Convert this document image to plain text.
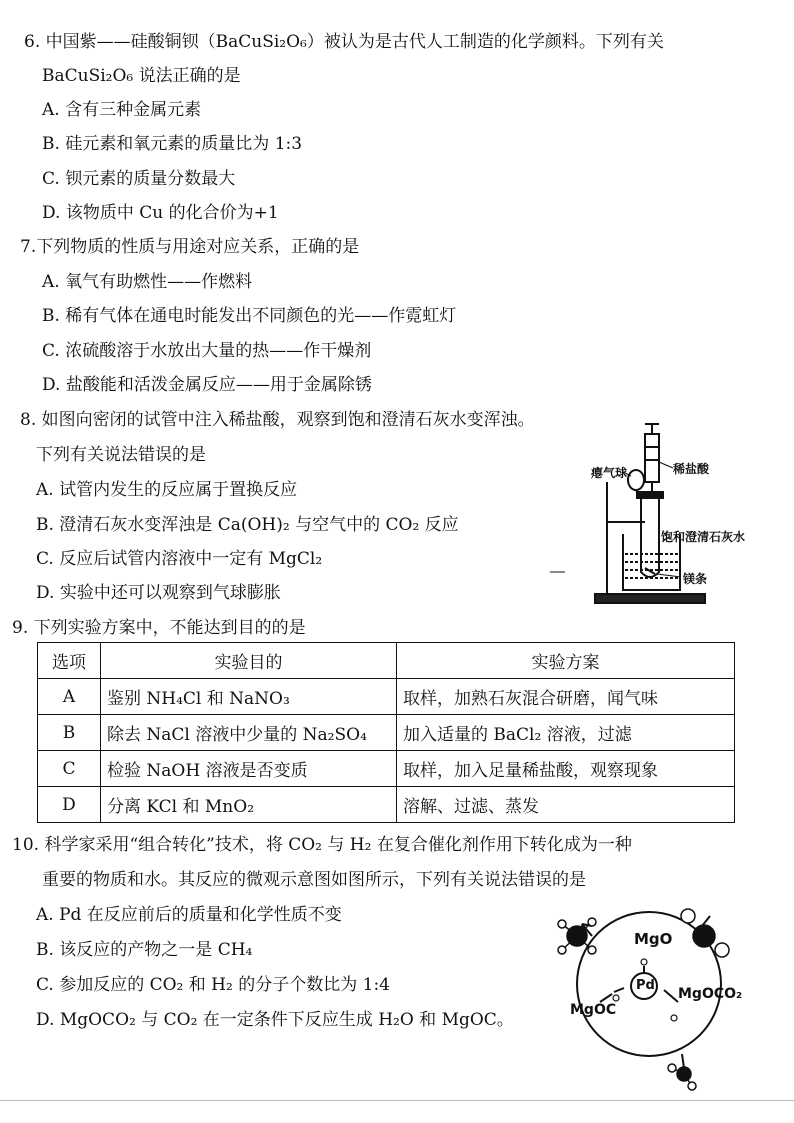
6. 中国紫——硅酸铜钡（BaCuSi₂O₆）被认为是古代人工制造的化学颜料。下列有关
BaCuSi₂O₆ 说法正确的是
A. 含有三种金属元素
B. 硅元素和氧元素的质量比为 1:3
C. 钡元素的质量分数最大
D. 该物质中 Cu 的化合价为+1
7.下列物质的性质与用途对应关系，正确的是
A. 氧气有助燃性——作燃料
B. 稀有气体在通电时能发出不同颜色的光——作霓虹灯
C. 浓硫酸溶于水放出大量的热——作干燥剂
D. 盐酸能和活泼金属反应——用于金属除锈
8. 如图向密闭的试管中注入稀盐酸，观察到饱和澄清石灰水变浑浊。
下列有关说法错误的是
A. 试管内发生的反应属于置换反应
B. 澄清石灰水变浑浊是 Ca(OH)₂ 与空气中的 CO₂ 反应
C. 反应后试管内溶液中一定有 MgCl₂
D. 实验中还可以观察到气球膨胀
瘪气球	稀盐酸
饱和澄清石灰水
镁条
9. 下列实验方案中，不能达到目的的是
选项	实验目的	实验方案
A	鉴别 NH₄Cl 和 NaNO₃	取样，加熟石灰混合研磨，闻气味
B	除去 NaCl 溶液中少量的 Na₂SO₄	加入适量的 BaCl₂ 溶液，过滤
C	检验 NaOH 溶液是否变质	取样，加入足量稀盐酸，观察现象
D	分离 KCl 和 MnO₂	溶解、过滤、蒸发
10. 科学家采用“组合转化”技术，将 CO₂ 与 H₂ 在复合催化剂作用下转化成为一种
重要的物质和水。其反应的微观示意图如图所示，下列有关说法错误的是
A. Pd 在反应前后的质量和化学性质不变
B. 该反应的产物之一是 CH₄
C. 参加反应的 CO₂ 和 H₂ 的分子个数比为 1:4
D. MgOCO₂ 与 CO₂ 在一定条件下反应生成 H₂O 和 MgOC。
MgO
Pd
MgOCO₂
MgOC
